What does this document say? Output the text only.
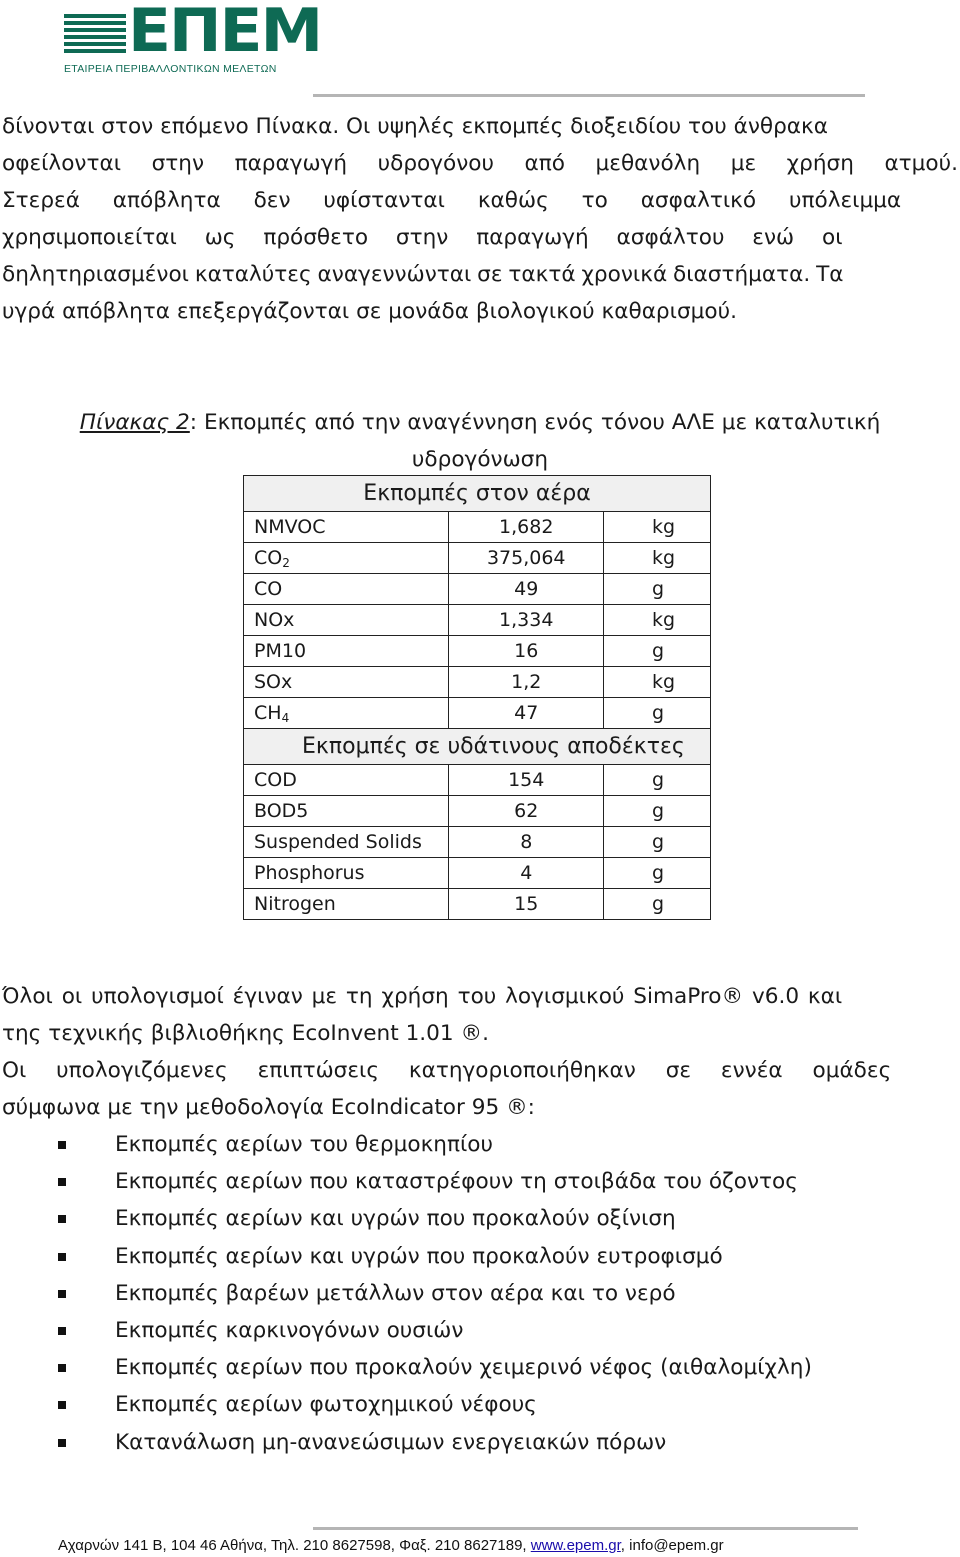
ΕΠΕΜ
ΕΤΑΙΡΕΙΑ ΠΕΡΙΒΑΛΛΟΝΤΙΚΩΝ ΜΕΛΕΤΩΝ
δίνονται στον επόμενο Πίνακα. Οι υψηλές εκπομπές διοξειδίου του άνθρακα
οφείλονται στην παραγωγή υδρογόνου από μεθανόλη με χρήση ατμού.
Στερεά απόβλητα δεν υφίστανται καθώς το ασφαλτικό υπόλειμμα
χρησιμοποιείται ως πρόσθετο στην παραγωγή ασφάλτου ενώ οι
δηλητηριασμένοι καταλύτες αναγεννώνται σε τακτά χρονικά διαστήματα. Τα
υγρά απόβλητα επεξεργάζονται σε μονάδα βιολογικού καθαρισμού.
Πίνακας 2: Εκπομπές από την αναγέννηση ενός τόνου ΑΛΕ με καταλυτική
υδρογόνωση
Εκπομπές στον αέρα		
NMVOC	1,682	kg
CO2	375,064	kg
CO	49	g
NOx	1,334	kg
PM10	16	g
SOx	1,2	kg
CH4	47	g

Εκπομπές σε υδάτινους αποδέκτες		

COD	154	g
BOD5	62	g
Suspended Solids	8	g
Phosphorus	4	g
Nitrogen	15	g
Όλοι οι υπολογισμοί έγιναν με τη χρήση του λογισμικού SimaPro® v6.0 και
της τεχνικής βιβλιοθήκης EcoInvent 1.01 ®.
Οι υπολογιζόμενες επιπτώσεις κατηγοριοποιήθηκαν σε εννέα ομάδες
σύμφωνα με την μεθοδολογία EcoIndicator 95 ®:
Εκπομπές αερίων του θερμοκηπίου
Εκπομπές αερίων που καταστρέφουν τη στοιβάδα του όζοντος
Εκπομπές αερίων και υγρών που προκαλούν οξίνιση
Εκπομπές αερίων και υγρών που προκαλούν ευτροφισμό
Εκπομπές βαρέων μετάλλων στον αέρα και το νερό
Εκπομπές καρκινογόνων ουσιών
Εκπομπές αερίων που προκαλούν χειμερινό νέφος (αιθαλομίχλη)
Εκπομπές αερίων φωτοχημικού νέφους
Κατανάλωση μη-ανανεώσιμων ενεργειακών πόρων
Αχαρνών 141 Β, 104 46 Αθήνα, Τηλ. 210 8627598, Φαξ. 210 8627189, www.epem.gr, info@epem.gr
